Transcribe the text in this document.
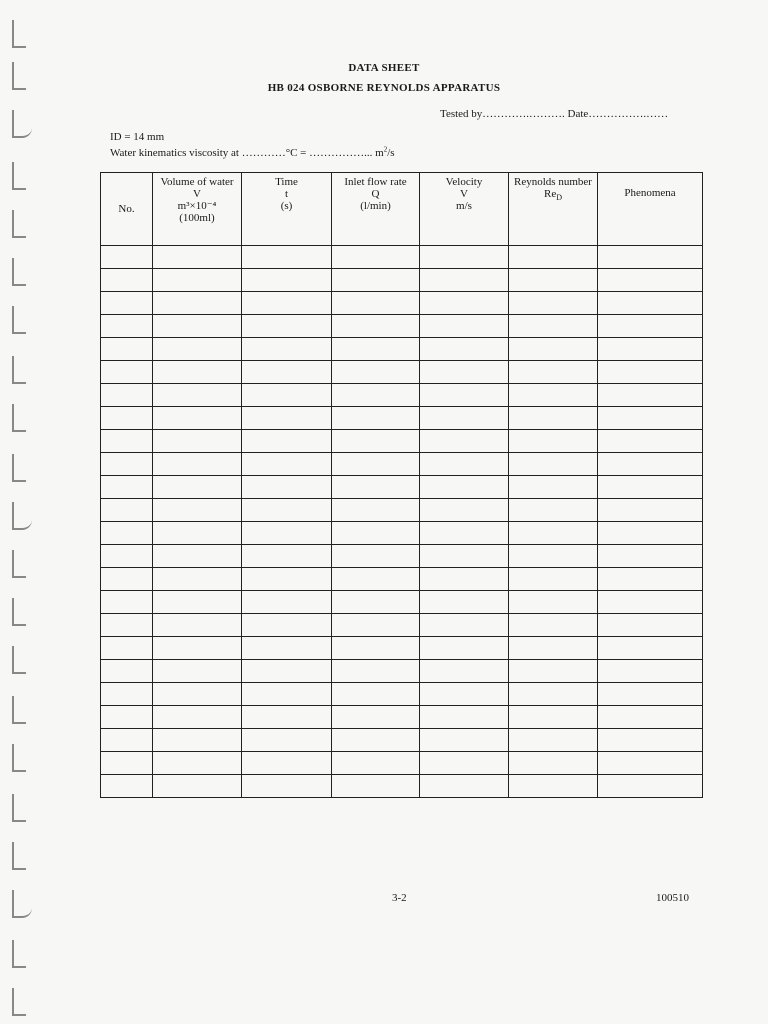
DATA SHEET
HB 024 OSBORNE REYNOLDS APPARATUS
Tested by………….………. Date…………….……
ID = 14 mm
Water kinematics viscosity at …………°C = ……………... $m^2/s$
No.	Volume of water
V
m³×10⁻⁴
(100ml)	Time
t
(s)	Inlet flow rate
Q
(l/min)	Velocity
V
m/s	Reynolds number
$Re_D$	Phenomena

3-2	100510
